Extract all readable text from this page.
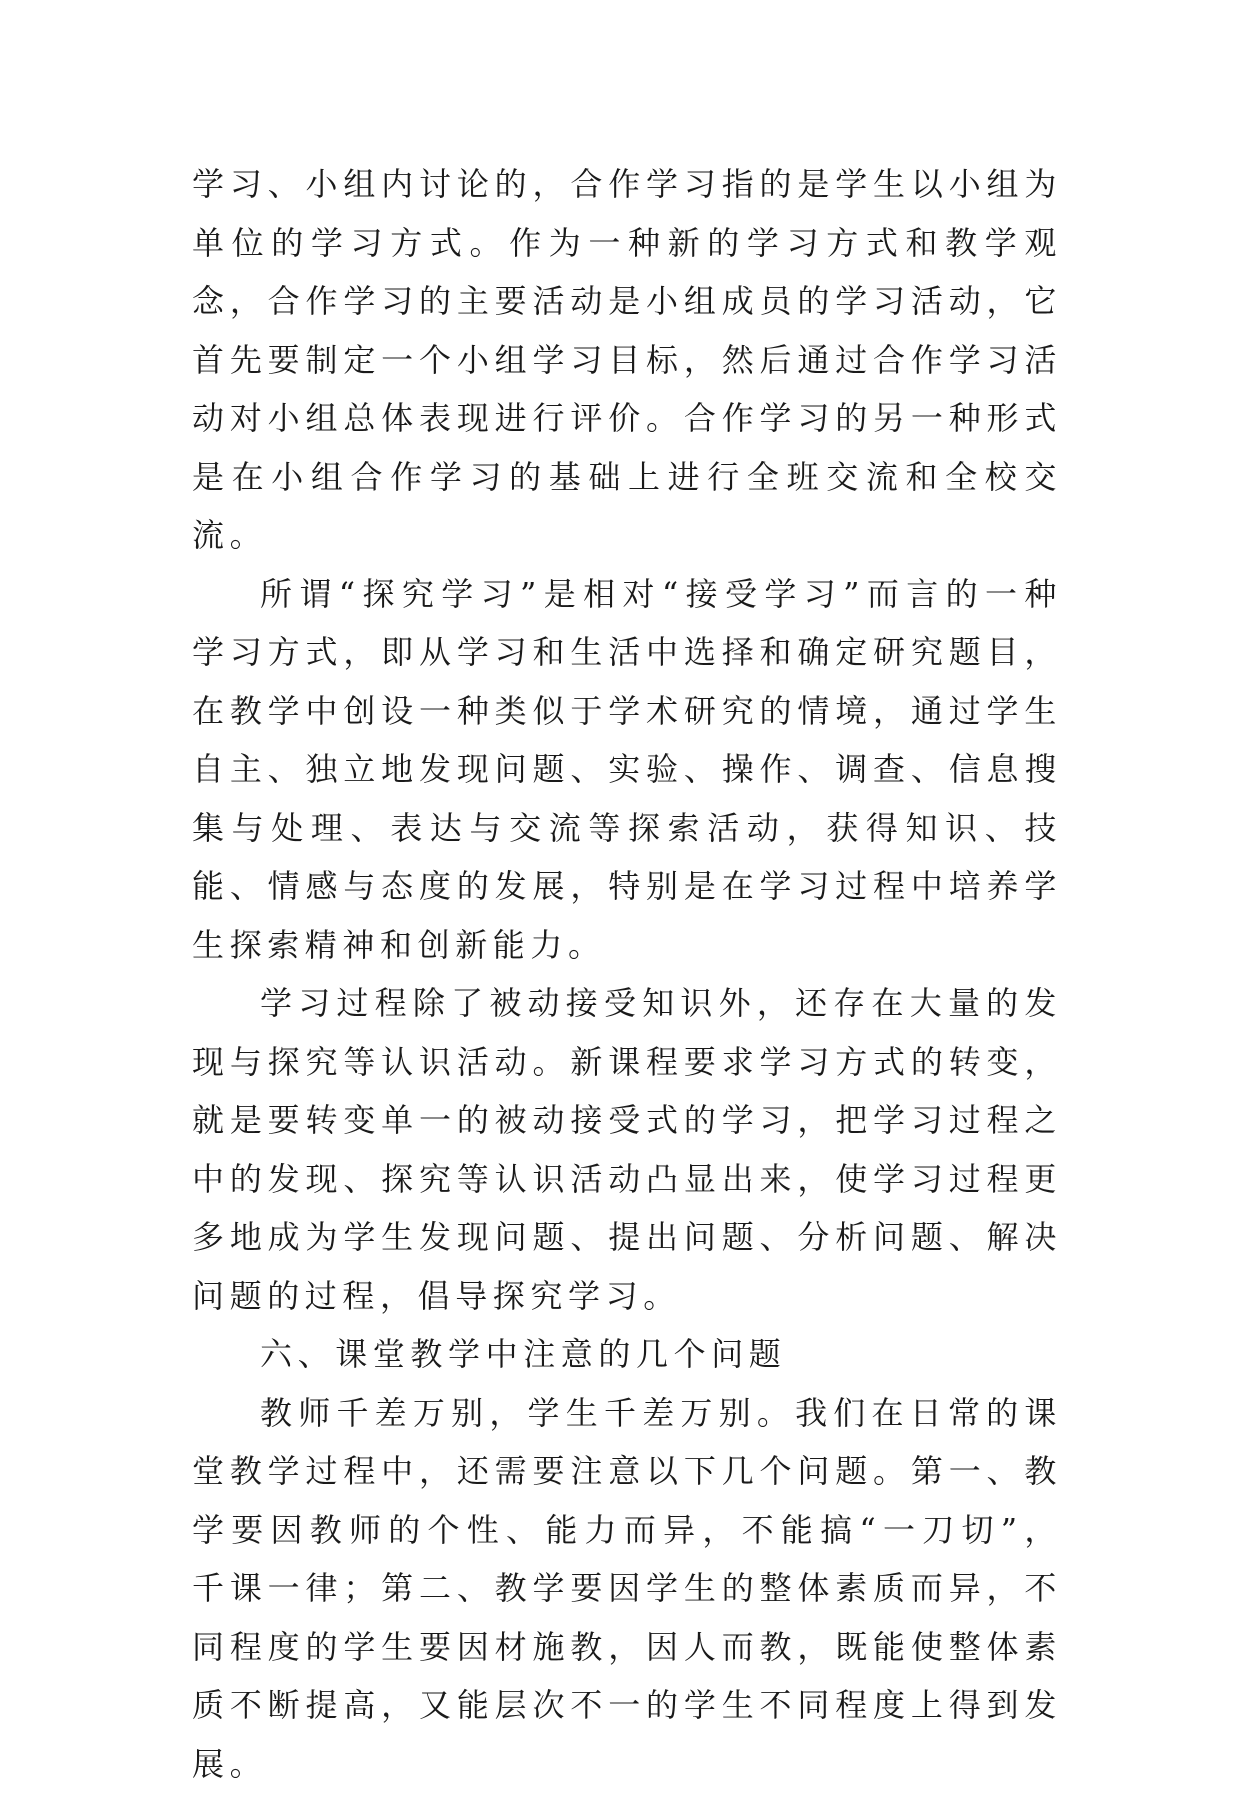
学习、小组内讨论的，合作学习指的是学生以小组为单位的学习方式。作为一种新的学习方式和教学观念，合作学习的主要活动是小组成员的学习活动，它首先要制定一个小组学习目标，然后通过合作学习活动对小组总体表现进行评价。合作学习的另一种形式是在小组合作学习的基础上进行全班交流和全校交流。

所谓“探究学习”是相对“接受学习”而言的一种学习方式，即从学习和生活中选择和确定研究题目，在教学中创设一种类似于学术研究的情境，通过学生自主、独立地发现问题、实验、操作、调查、信息搜集与处理、表达与交流等探索活动，获得知识、技能、情感与态度的发展，特别是在学习过程中培养学生探索精神和创新能力。

学习过程除了被动接受知识外，还存在大量的发现与探究等认识活动。新课程要求学习方式的转变，就是要转变单一的被动接受式的学习，把学习过程之中的发现、探究等认识活动凸显出来，使学习过程更多地成为学生发现问题、提出问题、分析问题、解决问题的过程，倡导探究学习。

六、课堂教学中注意的几个问题

教师千差万别，学生千差万别。我们在日常的课堂教学过程中，还需要注意以下几个问题。第一、教学要因教师的个性、能力而异，不能搞“一刀切”，千课一律；第二、教学要因学生的整体素质而异，不同程度的学生要因材施教，因人而教，既能使整体素质不断提高，又能层次不一的学生不同程度上得到发展。
